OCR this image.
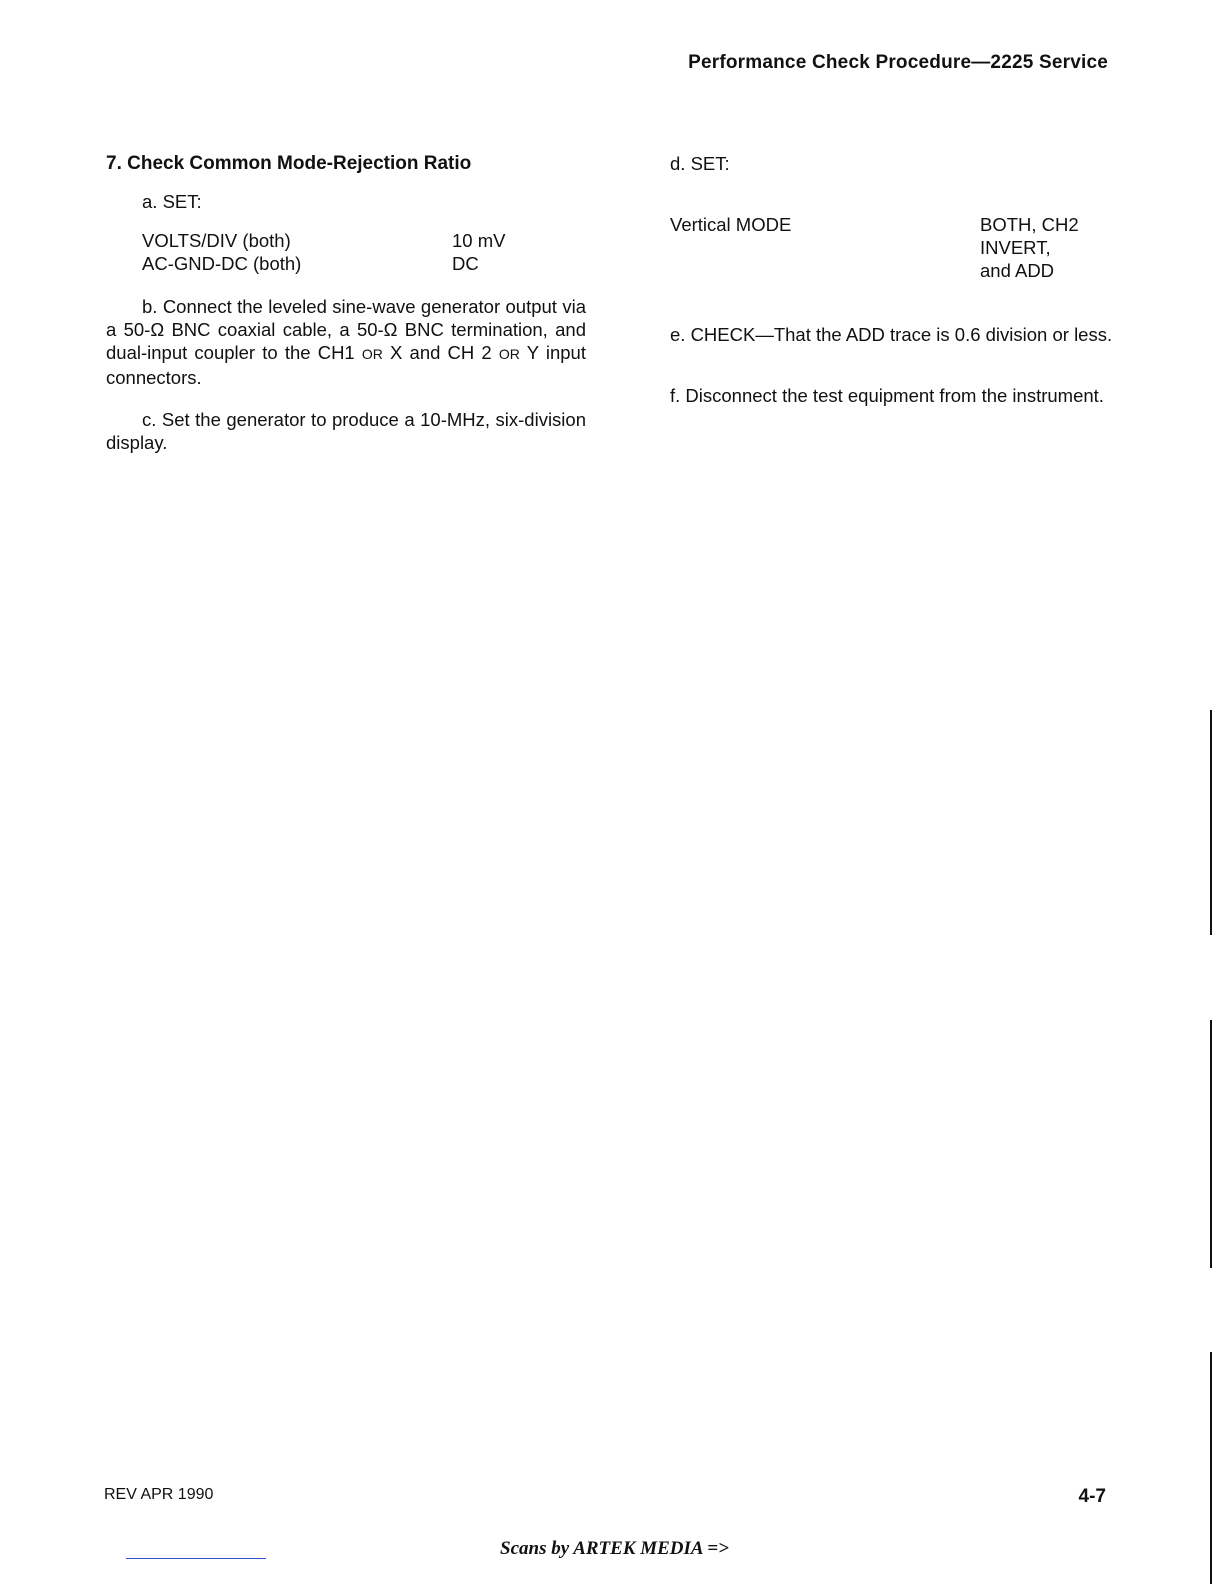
Performance Check Procedure—2225 Service
7. Check Common Mode-Rejection Ratio
a. SET:
VOLTS/DIV (both)	10 mV
AC-GND-DC (both)	DC

b. Connect the leveled sine-wave generator output via a 50-Ω BNC coaxial cable, a 50-Ω BNC termination, and dual-input coupler to the CH1 OR X and CH 2 OR Y input connectors.

c. Set the generator to produce a 10-MHz, six-division display.

d. SET:
Vertical MODE	BOTH, CH2
INVERT,
and ADD

e. CHECK—That the ADD trace is 0.6 division or less.

f. Disconnect the test equipment from the instrument.

REV APR 1990	4-7
Scans by ARTEK MEDIA =>
